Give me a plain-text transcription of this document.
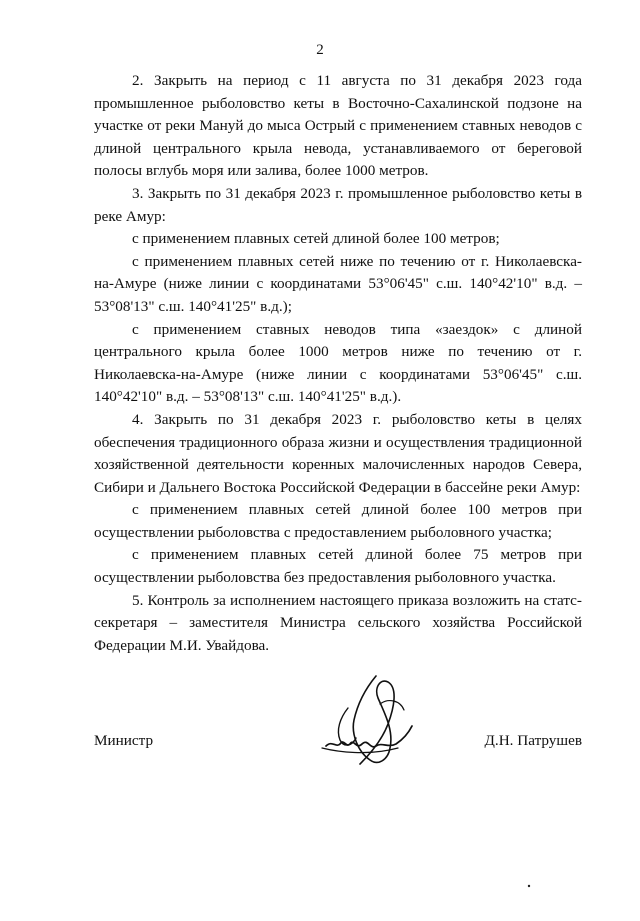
2

2. Закрыть на период с 11 августа по 31 декабря 2023 года промышленное рыболовство кеты в Восточно-Сахалинской подзоне на участке от реки Мануй до мыса Острый с применением ставных неводов с длиной центрального крыла невода, устанавливаемого от береговой полосы вглубь моря или залива, более 1000 метров.

3. Закрыть по 31 декабря 2023 г. промышленное рыболовство кеты в реке Амур:

с применением плавных сетей длиной более 100 метров;

с применением плавных сетей ниже по течению от г. Николаевска-на-Амуре (ниже линии с координатами 53°06'45" с.ш. 140°42'10" в.д. – 53°08'13" с.ш. 140°41'25" в.д.);

с применением ставных неводов типа «заездок» с длиной центрального крыла более 1000 метров ниже по течению от г. Николаевска-на-Амуре (ниже линии с координатами 53°06'45" с.ш. 140°42'10" в.д. – 53°08'13" с.ш. 140°41'25" в.д.).

4. Закрыть по 31 декабря 2023 г. рыболовство кеты в целях обеспечения традиционного образа жизни и осуществления традиционной хозяйственной деятельности коренных малочисленных народов Севера, Сибири и Дальнего Востока Российской Федерации в бассейне реки Амур:

с применением плавных сетей длиной более 100 метров при осуществлении рыболовства с предоставлением рыболовного участка;

с применением плавных сетей длиной более 75 метров при осуществлении рыболовства без предоставления рыболовного участка.

5. Контроль за исполнением настоящего приказа возложить на статс-секретаря – заместителя Министра сельского хозяйства Российской Федерации М.И. Увайдова.

Министр	Д.Н. Патрушев
